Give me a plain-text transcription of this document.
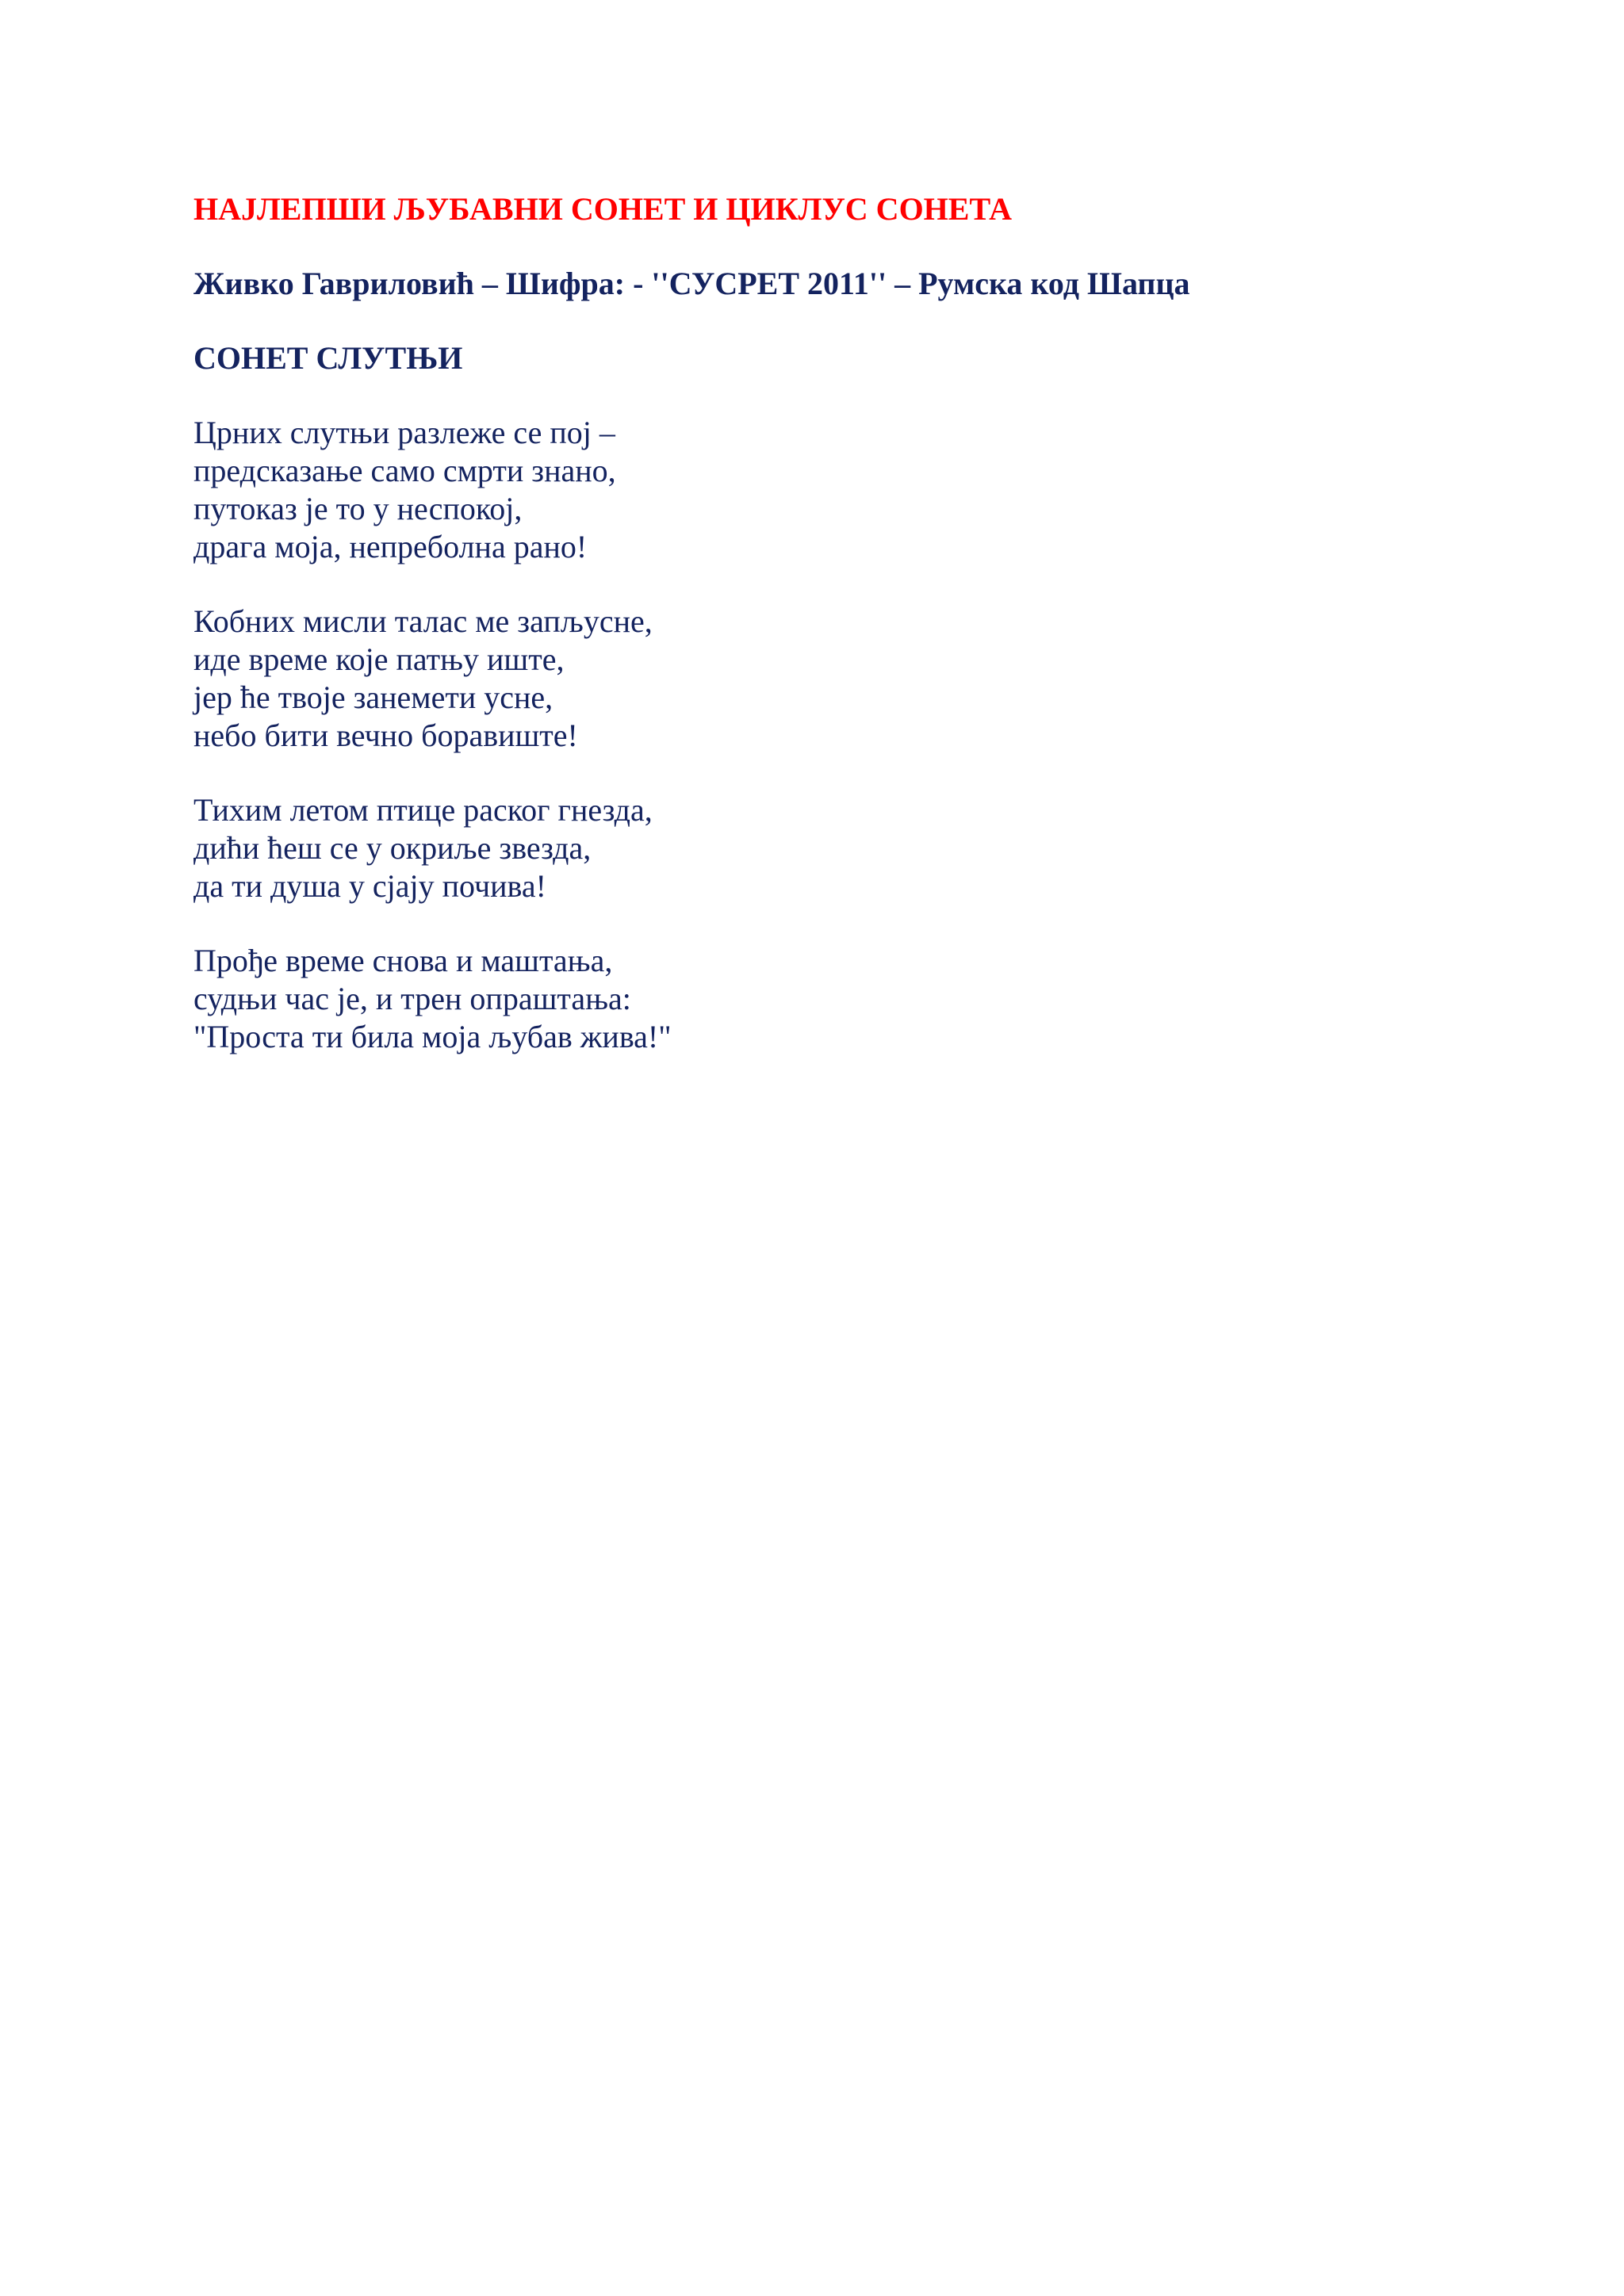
НАЈЛЕПШИ ЉУБАВНИ СОНЕТ И ЦИКЛУС СОНЕТА
Живко Гавриловић – Шифра: - ''СУСРЕТ 2011'' – Румска код Шапца
СОНЕТ СЛУТЊИ
Црних слутњи разлеже се пој –
предсказање само смрти знано,
путоказ је то у неспокој,
драга моја, непреболна рано!
Кобних мисли талас ме запљусне,
иде време које патњу иште,
јер ће твоје занемети усне,
небо бити вечно боравиште!
Тихим летом птице раског гнезда,
дићи ћеш се у окриље звезда,
да ти душа у сјају почива!
Прође време снова и маштања,
судњи час је, и трен опраштања:
"Проста ти била моја љубав жива!"
